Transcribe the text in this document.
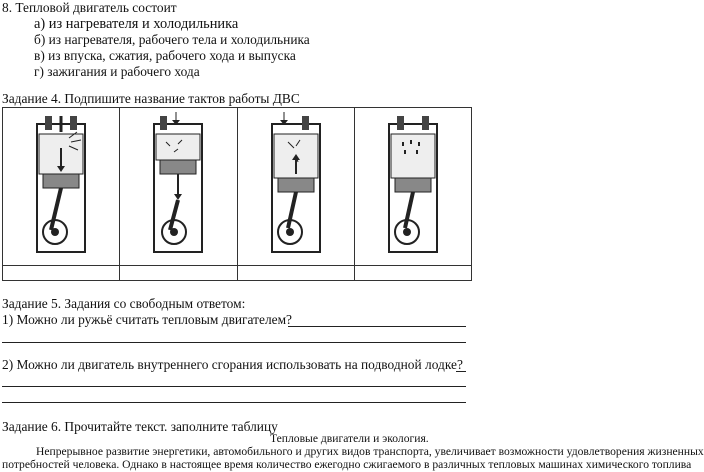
8. Тепловой двигатель состоит
а) из нагревателя и холодильника
б) из нагревателя, рабочего тела и холодильника
в) из впуска, сжатия, рабочего хода и выпуска
г) зажигания и рабочего хода
Задание 4. Подпишите название тактов работы ДВС

Задание 5. Задания со свободным ответом:
1) Можно ли ружьё считать тепловым двигателем?
2) Можно ли двигатель внутреннего сгорания использовать на подводной лодке?
Задание 6. Прочитайте текст. заполните таблицу
Тепловые двигатели и экология.
Непрерывное развитие энергетики, автомобильного и других видов транспорта, увеличивает возможности удовлетворения жизненных
потребностей человека. Однако в настоящее время количество ежегодно сжигаемого в различных тепловых машинах химического топлива
